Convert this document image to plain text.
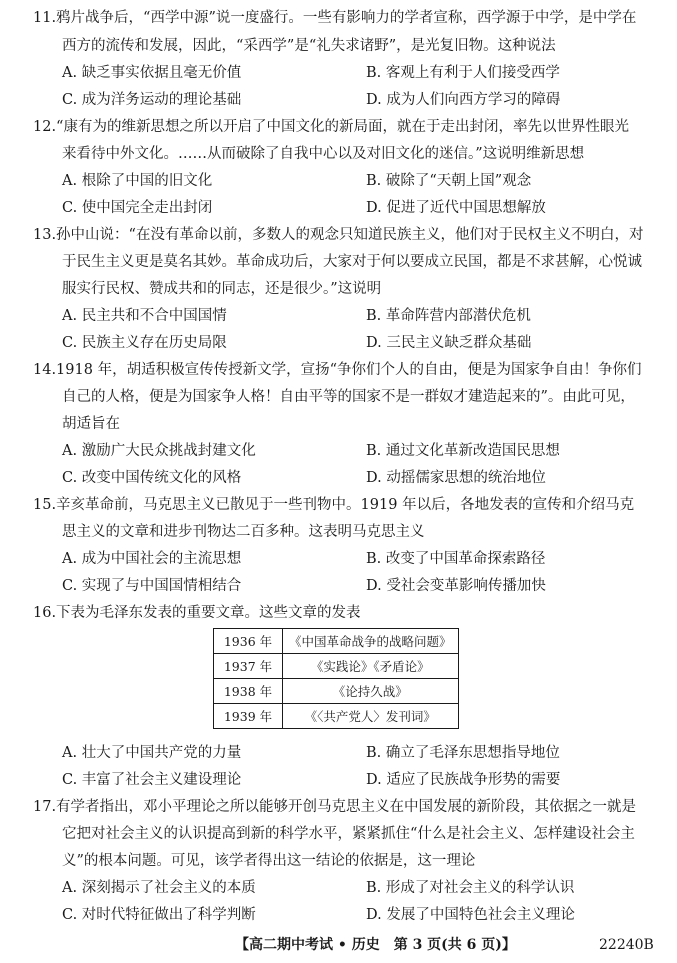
11.鸦片战争后，“西学中源”说一度盛行。一些有影响力的学者宣称，西学源于中学，是中学在
西方的流传和发展，因此，“采西学”是“礼失求诸野”，是光复旧物。这种说法
A. 缺乏事实依据且毫无价值	B. 客观上有利于人们接受西学
C. 成为洋务运动的理论基础	D. 成为人们向西方学习的障碍
12.“康有为的维新思想之所以开启了中国文化的新局面，就在于走出封闭，率先以世界性眼光
来看待中外文化。……从而破除了自我中心以及对旧文化的迷信。”这说明维新思想
A. 根除了中国的旧文化	B. 破除了“天朝上国”观念
C. 使中国完全走出封闭	D. 促进了近代中国思想解放
13.孙中山说：“在没有革命以前，多数人的观念只知道民族主义，他们对于民权主义不明白，对
于民生主义更是莫名其妙。革命成功后，大家对于何以要成立民国，都是不求甚解，心悦诚
服实行民权、赞成共和的同志，还是很少。”这说明
A. 民主共和不合中国国情	B. 革命阵营内部潜伏危机
C. 民族主义存在历史局限	D. 三民主义缺乏群众基础
14.1918 年，胡适积极宣传传授新文学，宣扬“争你们个人的自由，便是为国家争自由！争你们
自己的人格，便是为国家争人格！自由平等的国家不是一群奴才建造起来的”。由此可见，
胡适旨在
A. 激励广大民众挑战封建文化	B. 通过文化革新改造国民思想
C. 改变中国传统文化的风格	D. 动摇儒家思想的统治地位
15.辛亥革命前，马克思主义已散见于一些刊物中。1919 年以后，各地发表的宣传和介绍马克
思主义的文章和进步刊物达二百多种。这表明马克思主义
A. 成为中国社会的主流思想	B. 改变了中国革命探索路径
C. 实现了与中国国情相结合	D. 受社会变革影响传播加快
16.下表为毛泽东发表的重要文章。这些文章的发表
1936 年	《中国革命战争的战略问题》
1937 年	《实践论》《矛盾论》
1938 年	《论持久战》
1939 年	《〈共产党人〉发刊词》
A. 壮大了中国共产党的力量	B. 确立了毛泽东思想指导地位
C. 丰富了社会主义建设理论	D. 适应了民族战争形势的需要
17.有学者指出，邓小平理论之所以能够开创马克思主义在中国发展的新阶段，其依据之一就是
它把对社会主义的认识提高到新的科学水平，紧紧抓住“什么是社会主义、怎样建设社会主
义”的根本问题。可见，该学者得出这一结论的依据是，这一理论
A. 深刻揭示了社会主义的本质	B. 形成了对社会主义的科学认识
C. 对时代特征做出了科学判断	D. 发展了中国特色社会主义理论
【高二期中考试 • 历史　第 3 页(共 6 页)】	22240B
